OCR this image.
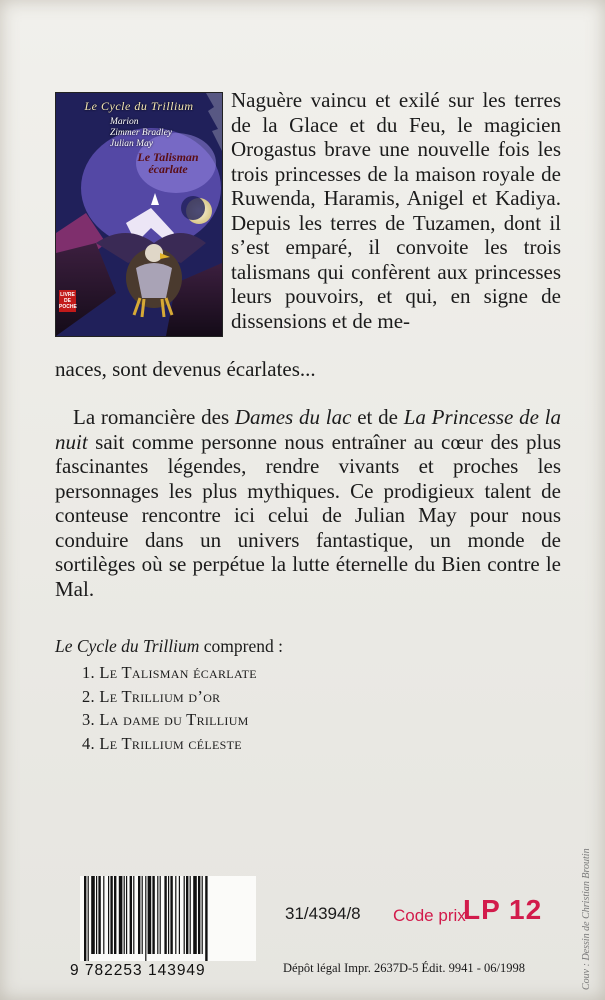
Le Cycle du Trillium
Marion
Zimmer Bradley
Julian May
Le Talisman
écarlate
LIVRE DE POCHE

Naguère vaincu et exilé sur les terres de la Glace et du Feu, le magicien Orogastus brave une nouvelle fois les trois princesses de la maison royale de Ruwenda, Haramis, Anigel et Kadiya. Depuis les terres de Tuzamen, dont il s’est emparé, il convoite les trois talismans qui confèrent aux princesses leurs pouvoirs, et qui, en signe de dissensions et de me-

naces, sont devenus écarlates...

La romancière des Dames du lac et de La Princesse de la nuit sait comme personne nous entraîner au cœur des plus fascinantes légendes, rendre vivants et proches les personnages les plus mythiques. Ce prodigieux talent de conteuse rencontre ici celui de Julian May pour nous conduire dans un univers fantastique, un monde de sortilèges où se perpétue la lutte éternelle du Bien contre le Mal.

Le Cycle du Trillium comprend :

1. Le Talisman écarlate
2. Le Trillium d’or
3. La dame du Trillium
4. Le Trillium céleste
9 782253 143949
31/4394/8 Code prix
LP 12
Dépôt légal Impr. 2637D-5 Édit. 9941 - 06/1998	Couv : Dessin de Christian Broutin
